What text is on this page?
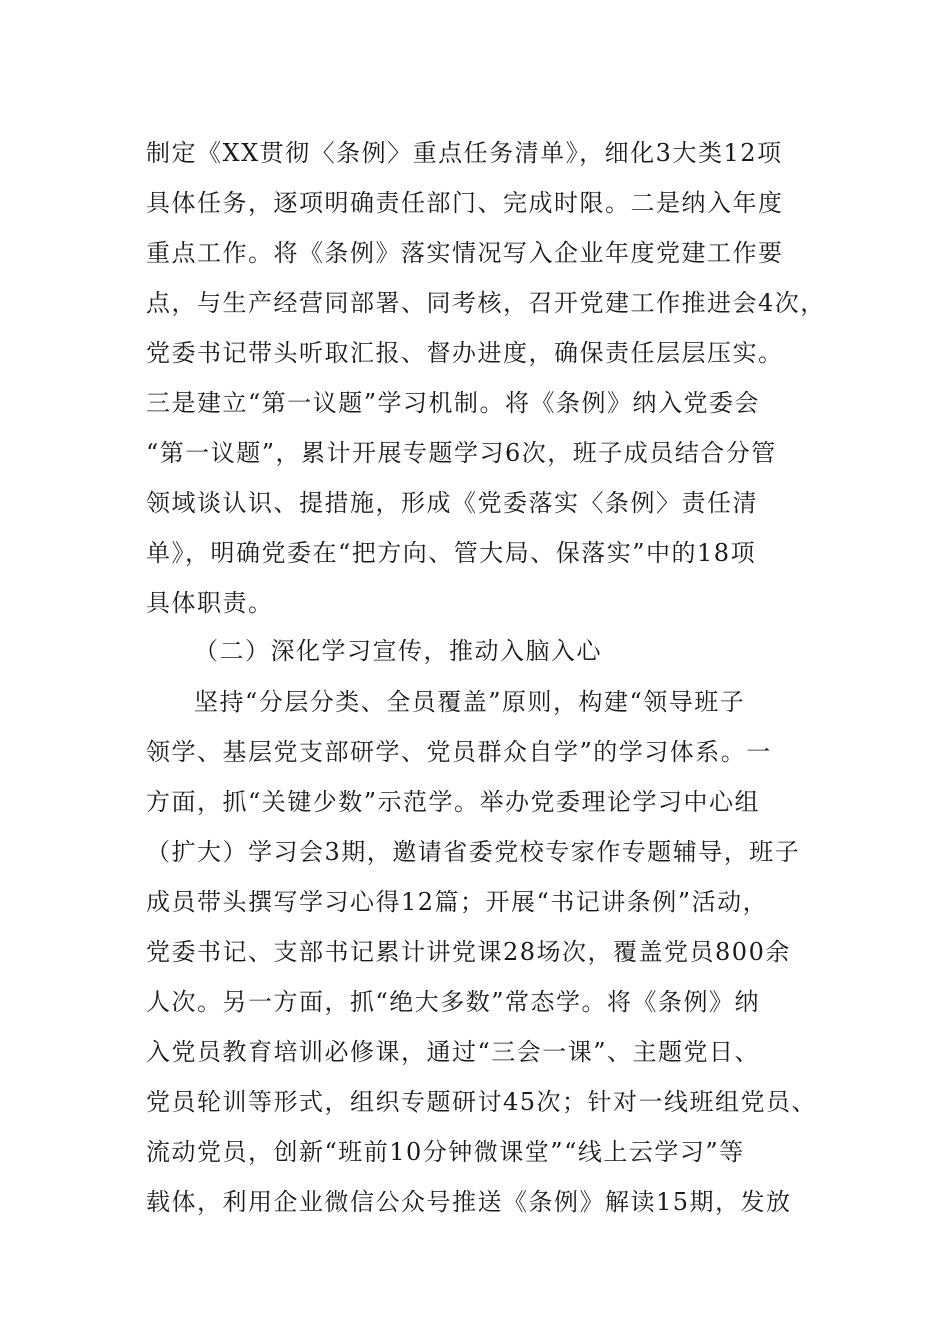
制定《XX贯彻〈条例〉重点任务清单》，细化3大类12项
具体任务，逐项明确责任部门、完成时限。二是纳入年度
重点工作。将《条例》落实情况写入企业年度党建工作要
点，与生产经营同部署、同考核，召开党建工作推进会4次，
党委书记带头听取汇报、督办进度，确保责任层层压实。
三是建立“第一议题”学习机制。将《条例》纳入党委会
“第一议题”，累计开展专题学习6次，班子成员结合分管
领域谈认识、提措施，形成《党委落实〈条例〉责任清
单》，明确党委在“把方向、管大局、保落实”中的18项
具体职责。
（二）深化学习宣传，推动入脑入心
坚持“分层分类、全员覆盖”原则，构建“领导班子
领学、基层党支部研学、党员群众自学”的学习体系。一
方面，抓“关键少数”示范学。举办党委理论学习中心组
（扩大）学习会3期，邀请省委党校专家作专题辅导，班子
成员带头撰写学习心得12篇；开展“书记讲条例”活动，
党委书记、支部书记累计讲党课28场次，覆盖党员800余
人次。另一方面，抓“绝大多数”常态学。将《条例》纳
入党员教育培训必修课，通过“三会一课”、主题党日、
党员轮训等形式，组织专题研讨45次；针对一线班组党员、
流动党员，创新“班前10分钟微课堂”“线上云学习”等
载体，利用企业微信公众号推送《条例》解读15期，发放
